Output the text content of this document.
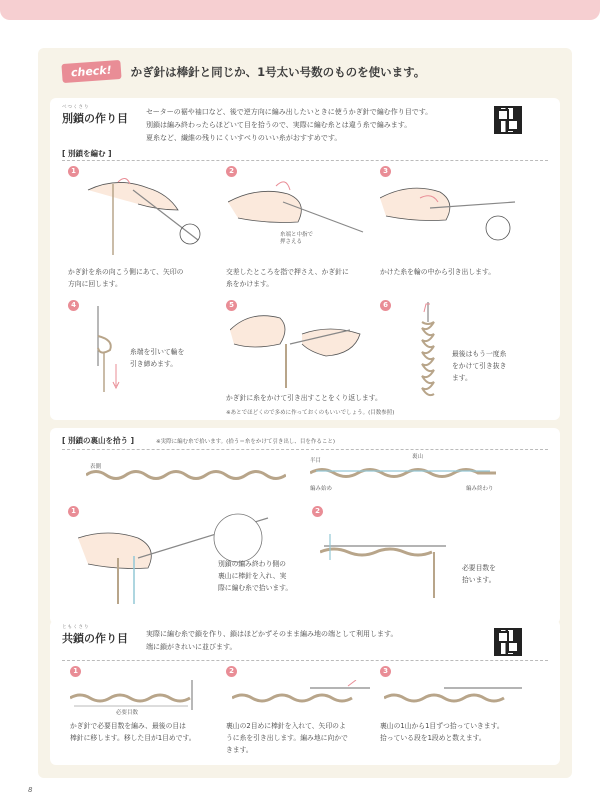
check!	かぎ針は棒針と同じか、1号太い号数のものを使います。
べつくさり
別鎖の作り目	セーターの裾や袖口など、後で逆方向に編み出したいときに使うかぎ針で編む作り目です。
別鎖は編み終わったらほどいて目を拾うので、実際に編む糸とは違う糸で編みます。
夏糸など、繊維の残りにくいすべりのいい糸がおすすめです。
[ 別鎖を編む ]
1
かぎ針を糸の向こう側にあて、矢印の
方向に回します。
2
糸端と中指で
押さえる
交差したところを指で押さえ、かぎ針に
糸をかけます。
3
かけた糸を輪の中から引き出します。
4
糸端を引いて輪を
引き締めます。
5
かぎ針に糸をかけて引き出すことをくり返します。
※あとでほどくので多めに作っておくのもいいでしょう。(目数参照)
6
最後はもう一度糸
をかけて引き抜き
ます。
[ 別鎖の裏山を拾う ]	※実際に編む糸で拾います。(拾う＝糸をかけて引き出し、目を作ること)
表側
半目
裏山
編み始め	編み終わり
1
別鎖の編み終わり側の
裏山に棒針を入れ、実
際に編む糸で拾います。
2
必要目数を
拾います。
ともくさり
共鎖の作り目	実際に編む糸で鎖を作り、鎖はほどかずそのまま編み地の端として利用します。
端に鎖がきれいに並びます。
1
必要目数
かぎ針で必要目数を編み、最後の目は
棒針に移します。移した目が1目めです。
2
裏山の2目めに棒針を入れて、矢印のよ
うに糸を引き出します。編み地に向かで
きます。
3
裏山の1山から1目ずつ拾っていきます。
拾っている段を1段めと数えます。
8
